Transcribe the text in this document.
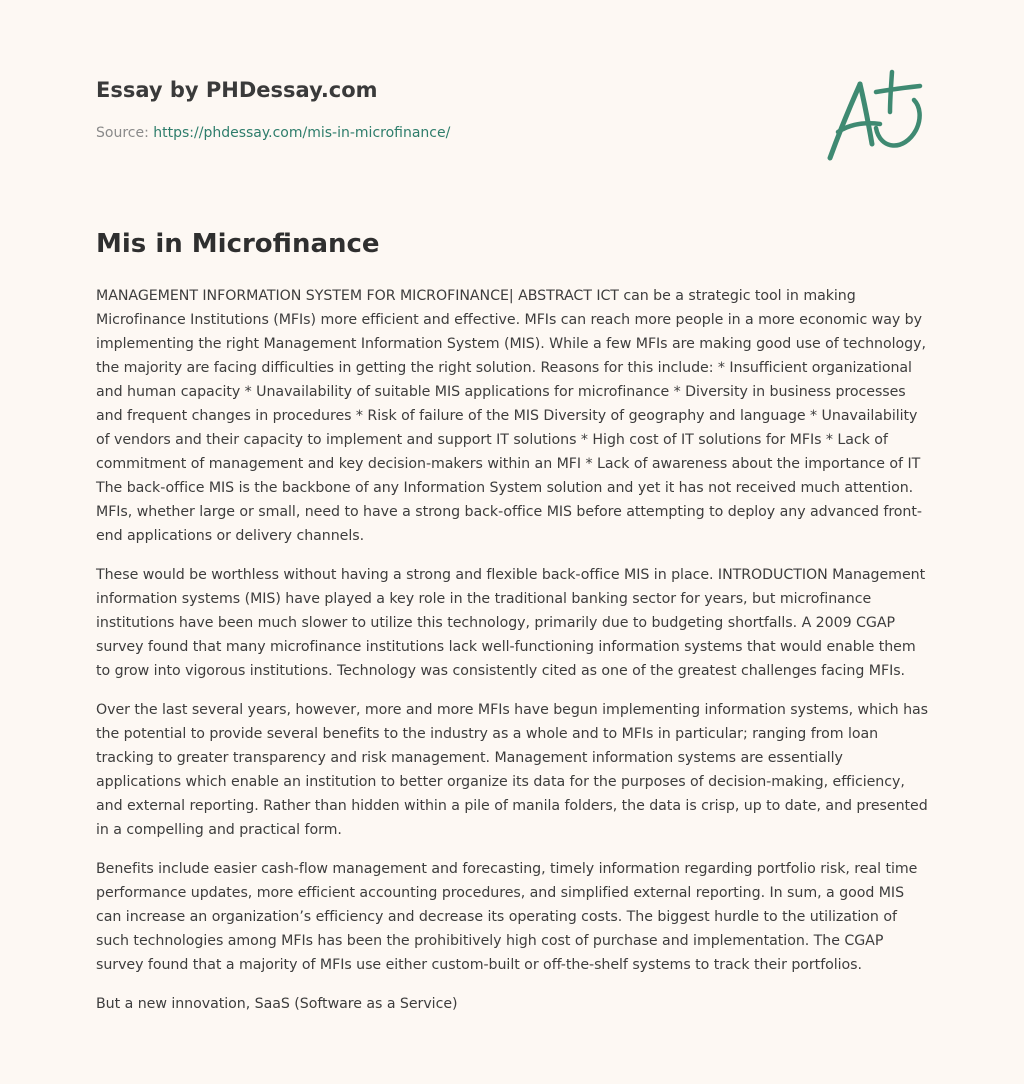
Essay by PHDessay.com
Source: https://phdessay.com/mis-in-microfinance/
Mis in Microfinance

MANAGEMENT INFORMATION SYSTEM FOR MICROFINANCE| ABSTRACT ICT can be a strategic tool in making Microfinance Institutions (MFIs) more efficient and effective. MFIs can reach more people in a more economic way by implementing the right Management Information System (MIS). While a few MFIs are making good use of technology, the majority are facing difficulties in getting the right solution. Reasons for this include: * Insufficient organizational and human capacity * Unavailability of suitable MIS applications for microfinance * Diversity in business processes and frequent changes in procedures * Risk of failure of the MIS Diversity of geography and language * Unavailability of vendors and their capacity to implement and support IT solutions * High cost of IT solutions for MFIs * Lack of commitment of management and key decision-makers within an MFI * Lack of awareness about the importance of IT The back-office MIS is the backbone of any Information System solution and yet it has not received much attention. MFIs, whether large or small, need to have a strong back-office MIS before attempting to deploy any advanced front-end applications or delivery channels.

These would be worthless without having a strong and flexible back-office MIS in place. INTRODUCTION Management information systems (MIS) have played a key role in the traditional banking sector for years, but microfinance institutions have been much slower to utilize this technology, primarily due to budgeting shortfalls. A 2009 CGAP survey found that many microfinance institutions lack well-functioning information systems that would enable them to grow into vigorous institutions. Technology was consistently cited as one of the greatest challenges facing MFIs.

Over the last several years, however, more and more MFIs have begun implementing information systems, which has the potential to provide several benefits to the industry as a whole and to MFIs in particular; ranging from loan tracking to greater transparency and risk management. Management information systems are essentially applications which enable an institution to better organize its data for the purposes of decision-making, efficiency, and external reporting. Rather than hidden within a pile of manila folders, the data is crisp, up to date, and presented in a compelling and practical form.

Benefits include easier cash-flow management and forecasting, timely information regarding portfolio risk, real time performance updates, more efficient accounting procedures, and simplified external reporting. In sum, a good MIS can increase an organization’s efficiency and decrease its operating costs. The biggest hurdle to the utilization of such technologies among MFIs has been the prohibitively high cost of purchase and implementation. The CGAP survey found that a majority of MFIs use either custom-built or off-the-shelf systems to track their portfolios.

But a new innovation, SaaS (Software as a Service)
